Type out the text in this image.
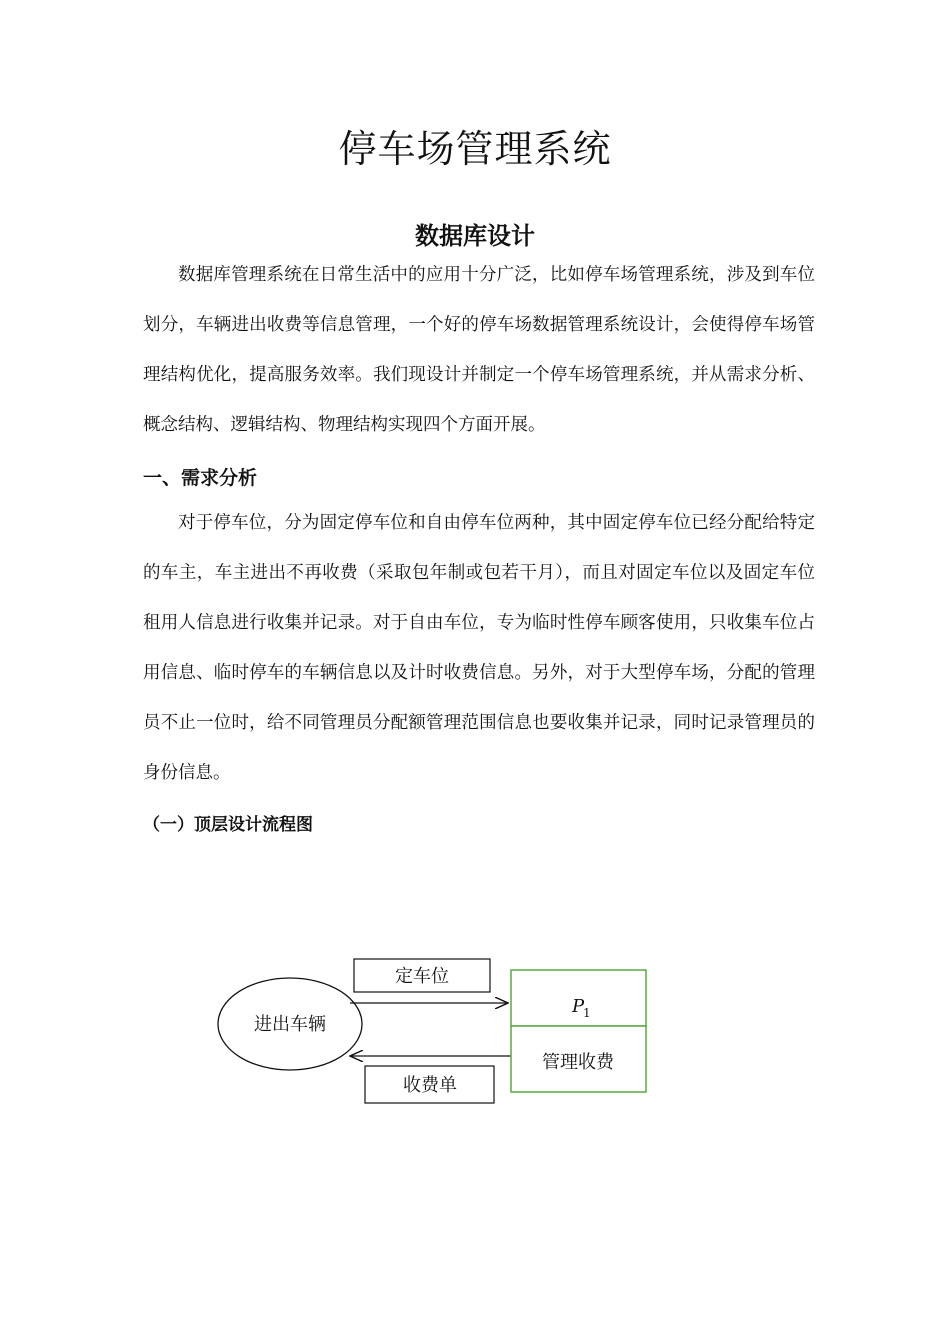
停车场管理系统
数据库设计

数据库管理系统在日常生活中的应用十分广泛，比如停车场管理系统，涉及到车位划分，车辆进出收费等信息管理，一个好的停车场数据管理系统设计，会使得停车场管理结构优化，提高服务效率。我们现设计并制定一个停车场管理系统，并从需求分析、概念结构、逻辑结构、物理结构实现四个方面开展。

一、需求分析

对于停车位，分为固定停车位和自由停车位两种，其中固定停车位已经分配给特定的车主，车主进出不再收费（采取包年制或包若干月），而且对固定车位以及固定车位租用人信息进行收集并记录。对于自由车位，专为临时性停车顾客使用，只收集车位占用信息、临时停车的车辆信息以及计时收费信息。另外，对于大型停车场，分配的管理员不止一位时，给不同管理员分配额管理范围信息也要收集并记录，同时记录管理员的身份信息。

（一）顶层设计流程图
进出车辆
定车位
收费单
P
1
管理收费
